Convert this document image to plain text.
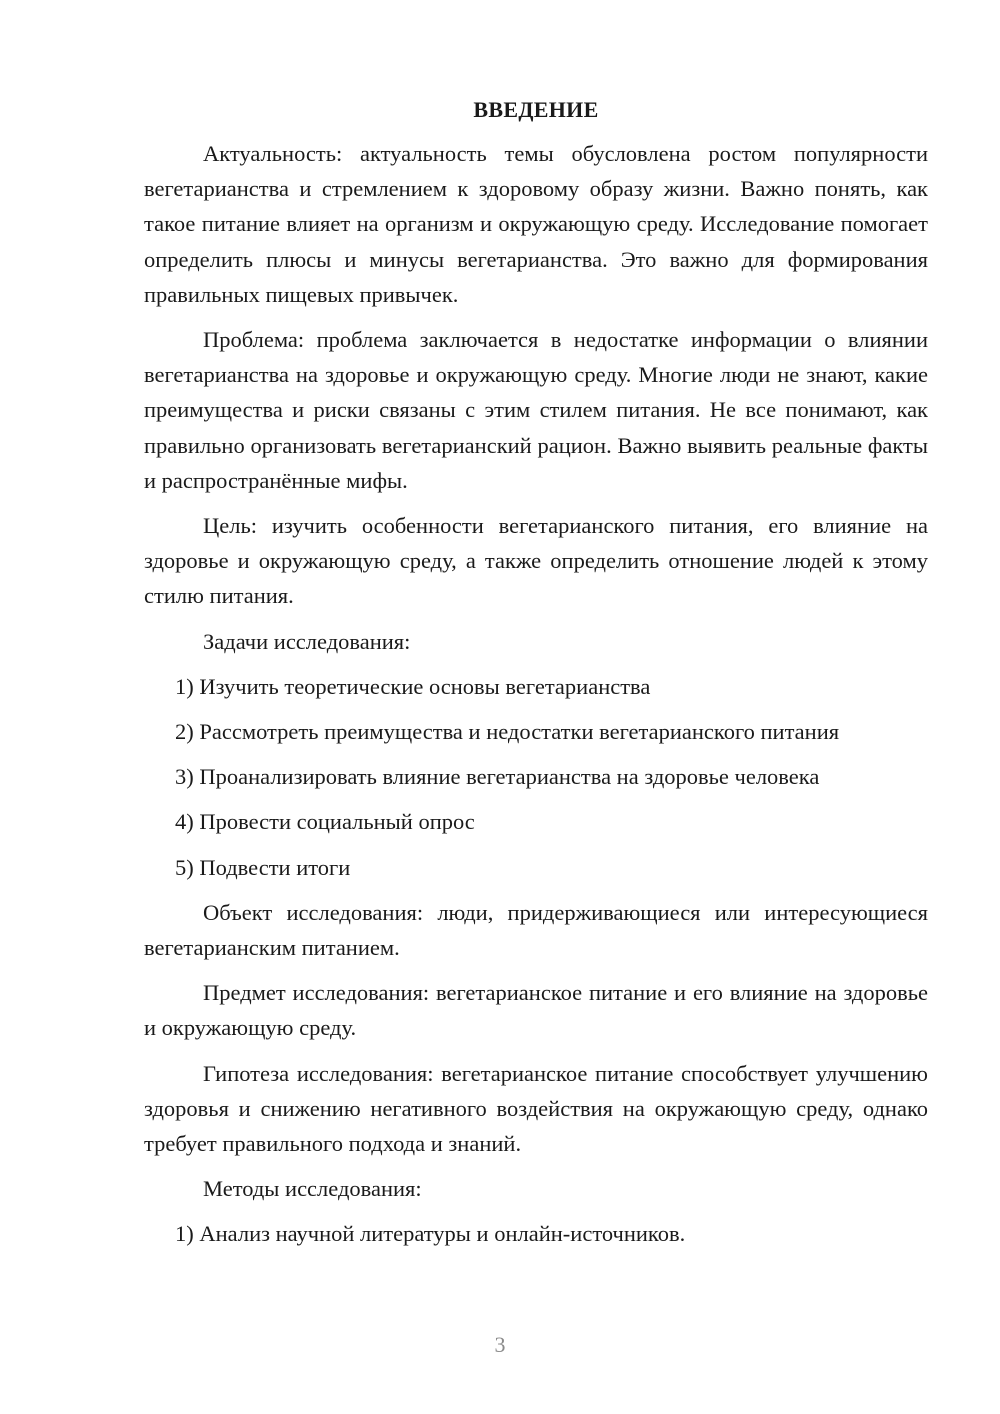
ВВЕДЕНИЕ

Актуальность: актуальность темы обусловлена ростом популярности вегетарианства и стремлением к здоровому образу жизни. Важно понять, как такое питание влияет на организм и окружающую среду. Исследование помогает определить плюсы и минусы вегетарианства. Это важно для формирования правильных пищевых привычек.

Проблема: проблема заключается в недостатке информации о влиянии вегетарианства на здоровье и окружающую среду. Многие люди не знают, какие преимущества и риски связаны с этим стилем питания. Не все понимают, как правильно организовать вегетарианский рацион. Важно выявить реальные факты и распространённые мифы.

Цель: изучить особенности вегетарианского питания, его влияние на здоровье и окружающую среду, а также определить отношение людей к этому стилю питания.

Задачи исследования:

1) Изучить теоретические основы вегетарианства

2) Рассмотреть преимущества и недостатки вегетарианского питания

3) Проанализировать влияние вегетарианства на здоровье человека

4) Провести социальный опрос

5) Подвести итоги

Объект исследования: люди, придерживающиеся или интересующиеся вегетарианским питанием.

Предмет исследования: вегетарианское питание и его влияние на здоровье и окружающую среду.

Гипотеза исследования: вегетарианское питание способствует улучшению здоровья и снижению негативного воздействия на окружающую среду, однако требует правильного подхода и знаний.

Методы исследования:

1) Анализ научной литературы и онлайн-источников.

3
